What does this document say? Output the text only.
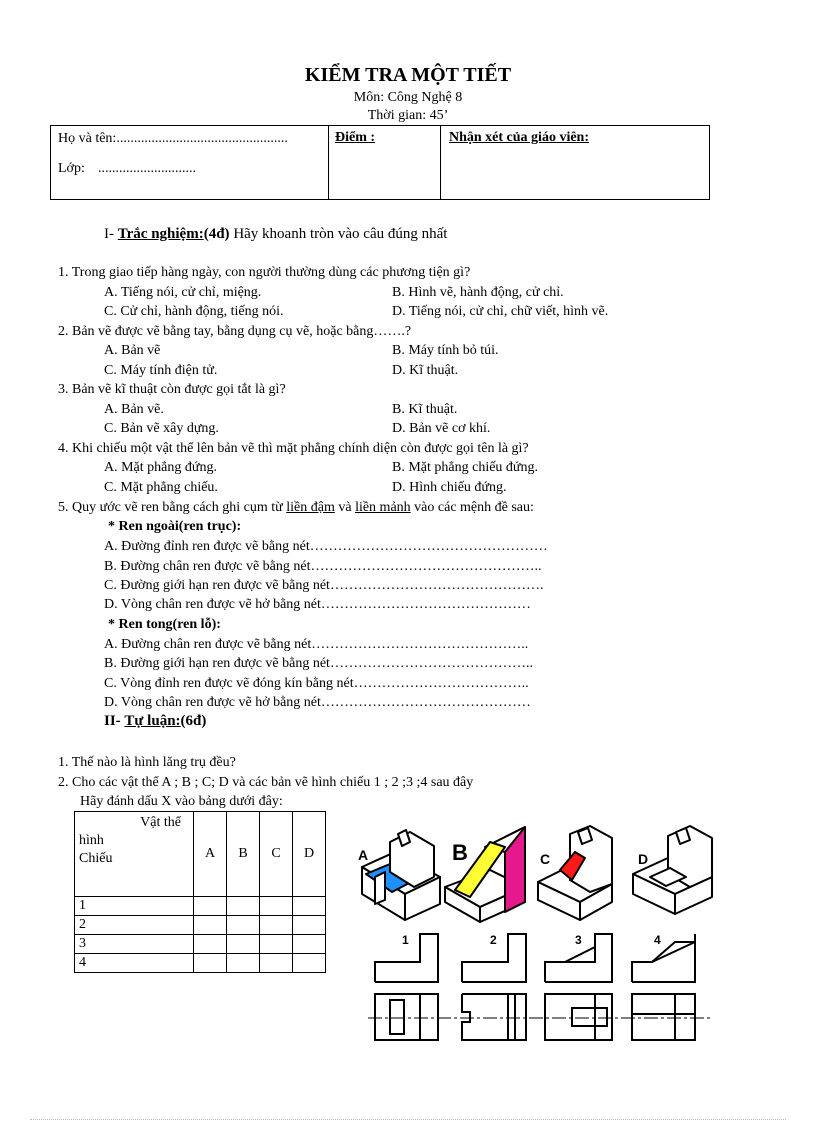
KIỂM TRA MỘT TIẾT
Môn: Công Nghệ 8
Thời gian: 45’
Họ và tên:.................................................
Lớp: ............................
Điểm :	Nhận xét của giáo viên:
I- Trắc nghiệm:(4đ) Hãy khoanh tròn vào câu đúng nhất
1. Trong giao tiếp hàng ngày, con người thường dùng các phương tiện gì?
A. Tiếng nói, cử chỉ, miệng.	B. Hình vẽ, hành động, cử chỉ.
C. Cử chỉ, hành động, tiếng nói.	D. Tiếng nói, cử chỉ, chữ viết, hình vẽ.
2. Bản vẽ được vẽ bằng tay, bằng dụng cụ vẽ, hoặc bằng…….?
A. Bản vẽ	B. Máy tính bỏ túi.
C. Máy tính điện tử.	D. Kĩ thuật.
3. Bản vẽ kĩ thuật còn được gọi tắt là gì?
A. Bản vẽ.	B. Kĩ thuật.
C. Bản vẽ xây dựng.	D. Bản vẽ cơ khí.
4. Khi chiếu một vật thể lên bản vẽ thì mặt phẳng chính diện còn được gọi tên là gì?
A. Mặt phẳng đứng.	B. Mặt phẳng chiếu đứng.
C. Mặt phẳng chiếu.	D. Hình chiếu đứng.
5. Quy ước vẽ ren bằng cách ghi cụm từ liền đậm và liền mảnh vào các mệnh đề sau:
* Ren ngoài(ren trục):
A. Đường đỉnh ren được vẽ bằng nét……………………………………………
B. Đường chân ren được vẽ bằng nét…………………………………………..
C. Đường giới hạn ren được vẽ bằng nét……………………………………….
D. Vòng chân ren được vẽ hở bằng nét………………………………………
* Ren tong(ren lỗ):
A. Đường chân ren được vẽ bằng nét………………………………………..
B. Đường giới hạn ren được vẽ bằng nét……………………………………..
C. Vòng đỉnh ren được vẽ đóng kín bằng nét………………………………..
D. Vòng chân ren được vẽ hở bằng nét………………………………………
II- Tự luận:(6đ)
1. Thế nào là hình lăng trụ đều?
2. Cho các vật thể A ; B ; C; D và các bản vẽ hình chiếu 1 ; 2 ;3 ;4 sau đây
Hãy đánh dấu X vào bảng dưới đây:
Vật thể
hình
Chiếu	A	B	C	D
1				
2				
3				
4				
A	B	C	D
1	2	3	4
